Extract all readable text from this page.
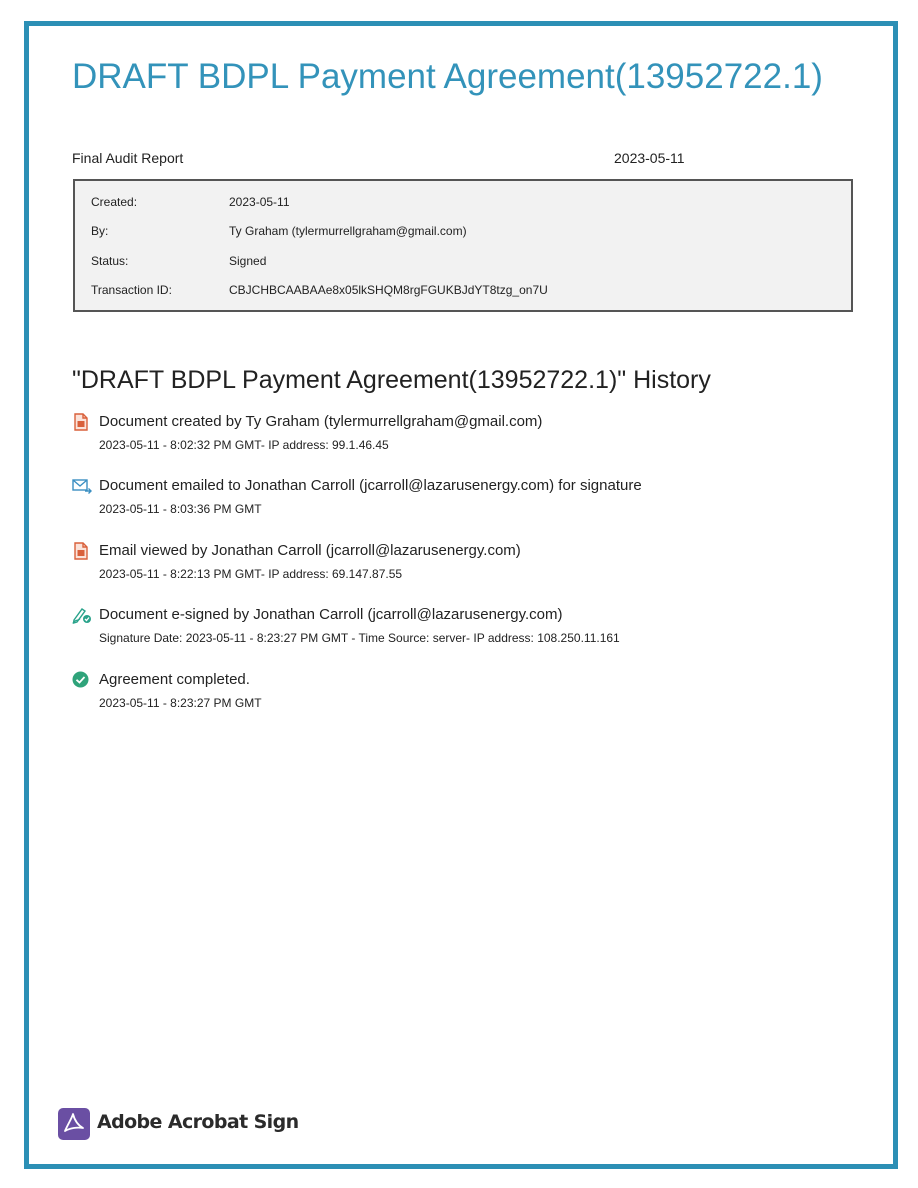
DRAFT BDPL Payment Agreement(13952722.1)
Final Audit Report	2023-05-11
Created:	2023-05-11
By:	Ty Graham (tylermurrellgraham@gmail.com)
Status:	Signed
Transaction ID:	CBJCHBCAABAAe8x05lkSHQM8rgFGUKBJdYT8tzg_on7U
"DRAFT BDPL Payment Agreement(13952722.1)" History
Document created by Ty Graham (tylermurrellgraham@gmail.com)
2023-05-11 - 8:02:32 PM GMT- IP address: 99.1.46.45
Document emailed to Jonathan Carroll (jcarroll@lazarusenergy.com) for signature
2023-05-11 - 8:03:36 PM GMT
Email viewed by Jonathan Carroll (jcarroll@lazarusenergy.com)
2023-05-11 - 8:22:13 PM GMT- IP address: 69.147.87.55
Document e-signed by Jonathan Carroll (jcarroll@lazarusenergy.com)
Signature Date: 2023-05-11 - 8:23:27 PM GMT - Time Source: server- IP address: 108.250.11.161
Agreement completed.
2023-05-11 - 8:23:27 PM GMT
Adobe Acrobat Sign
